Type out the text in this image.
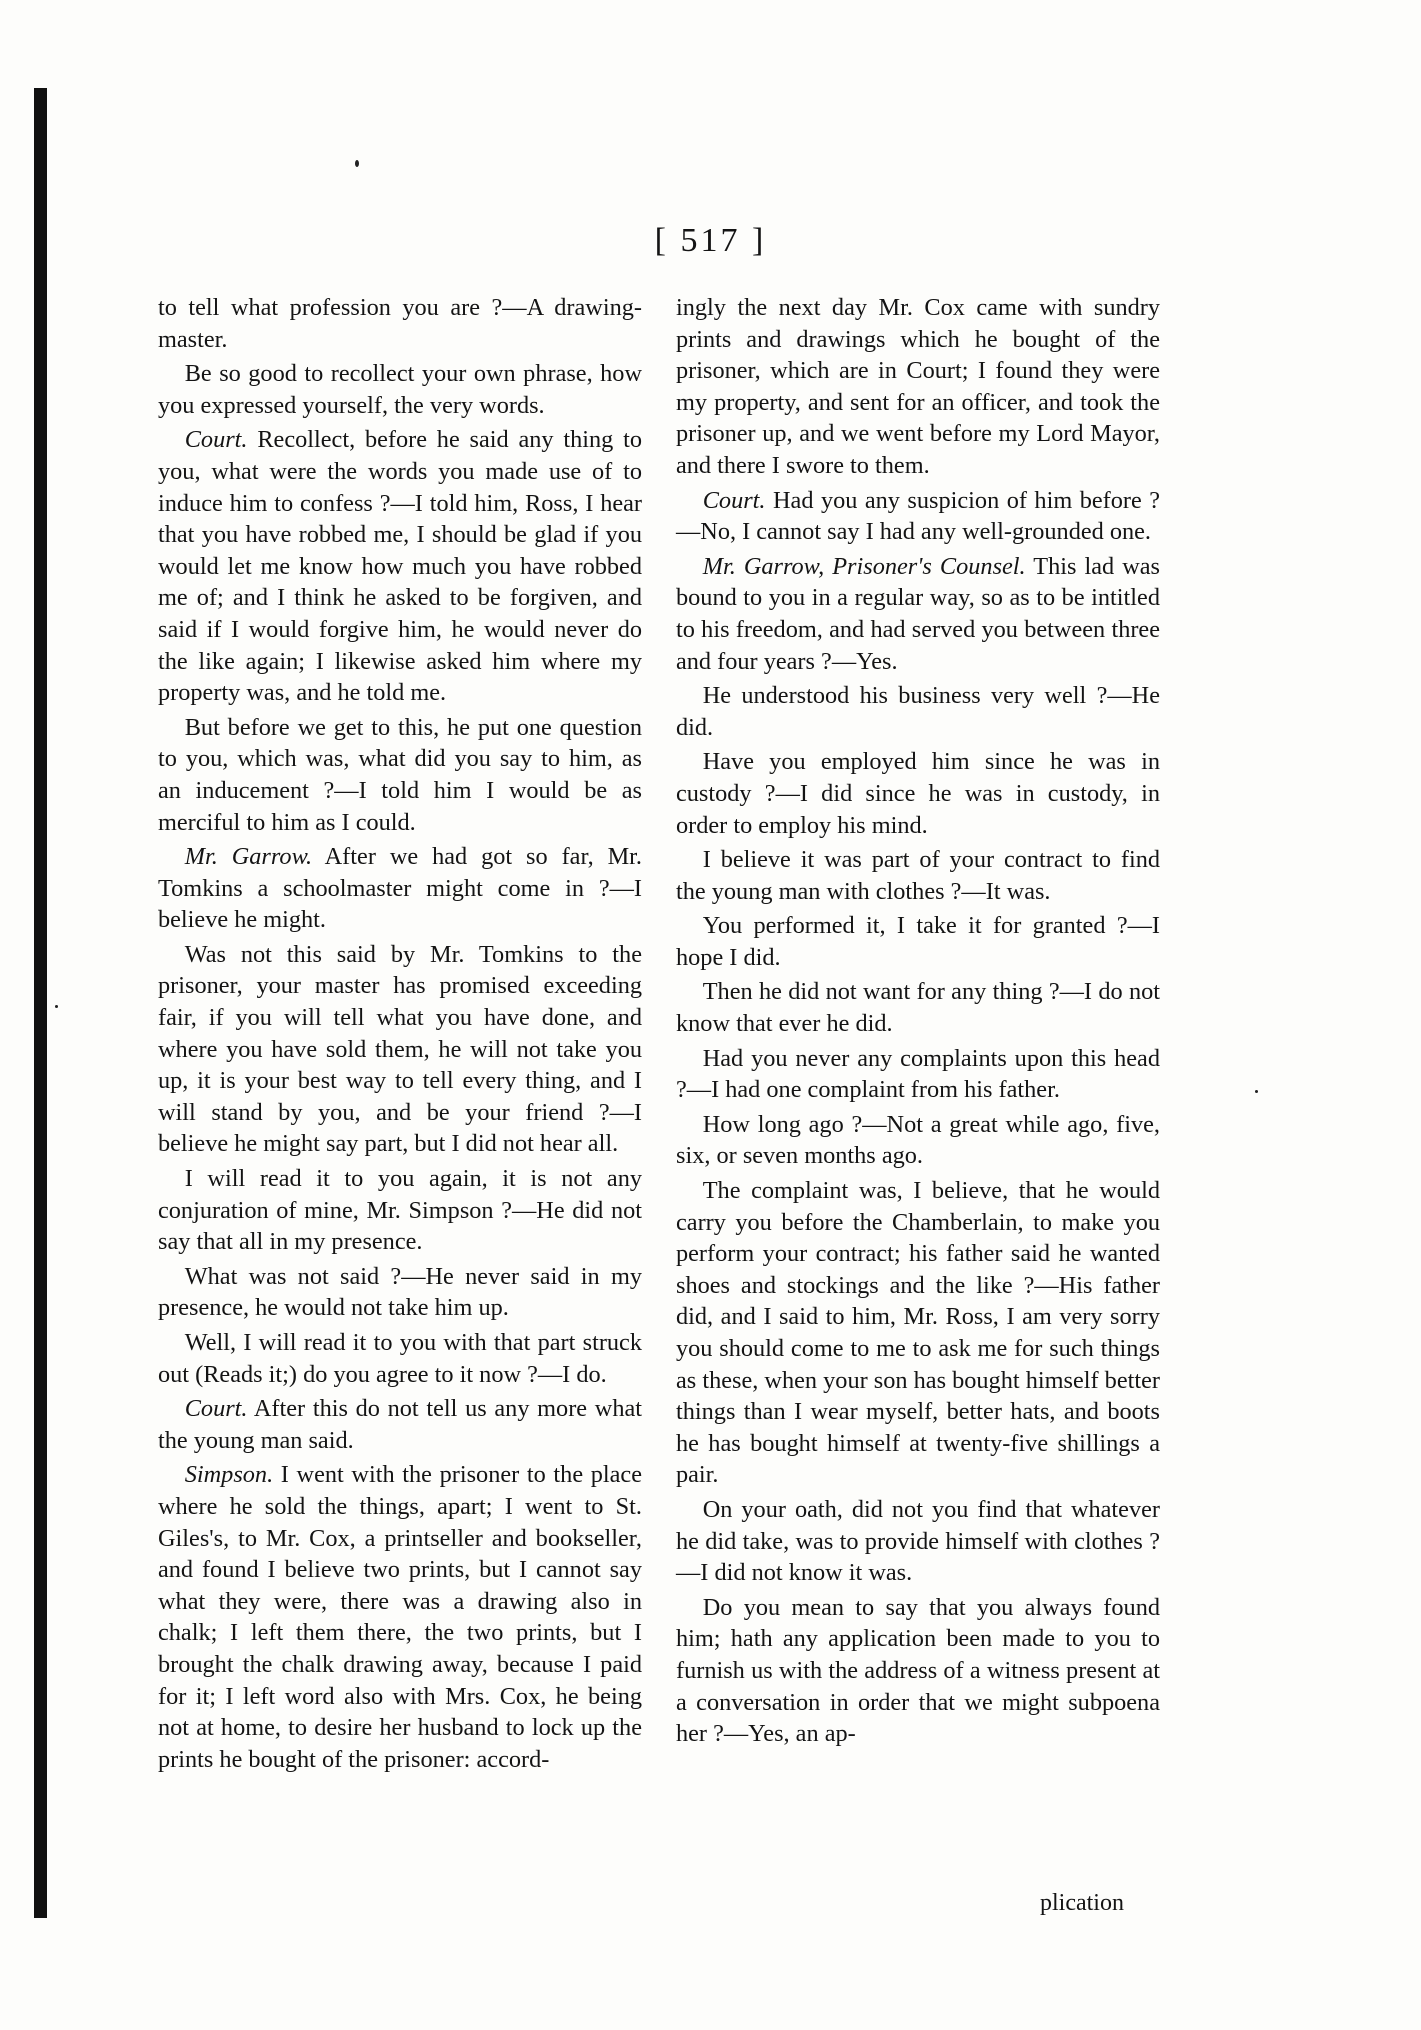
[ 517 ]

to tell what profession you are ?—A drawing-master.

Be so good to recollect your own phrase, how you expressed yourself, the very words.

Court. Recollect, before he said any thing to you, what were the words you made use of to induce him to confess ?—I told him, Ross, I hear that you have robbed me, I should be glad if you would let me know how much you have robbed me of; and I think he asked to be forgiven, and said if I would forgive him, he would never do the like again; I likewise asked him where my property was, and he told me.

But before we get to this, he put one question to you, which was, what did you say to him, as an inducement ?—I told him I would be as merciful to him as I could.

Mr. Garrow. After we had got so far, Mr. Tomkins a schoolmaster might come in ?—I believe he might.

Was not this said by Mr. Tomkins to the prisoner, your master has promised exceeding fair, if you will tell what you have done, and where you have sold them, he will not take you up, it is your best way to tell every thing, and I will stand by you, and be your friend ?—I believe he might say part, but I did not hear all.

I will read it to you again, it is not any conjuration of mine, Mr. Simpson ?—He did not say that all in my presence.

What was not said ?—He never said in my presence, he would not take him up.

Well, I will read it to you with that part struck out (Reads it;) do you agree to it now ?—I do.

Court. After this do not tell us any more what the young man said.

Simpson. I went with the prisoner to the place where he sold the things, apart; I went to St. Giles's, to Mr. Cox, a printseller and bookseller, and found I believe two prints, but I cannot say what they were, there was a drawing also in chalk; I left them there, the two prints, but I brought the chalk drawing away, because I paid for it; I left word also with Mrs. Cox, he being not at home, to desire her husband to lock up the prints he bought of the prisoner: accord-

ingly the next day Mr. Cox came with sundry prints and drawings which he bought of the prisoner, which are in Court; I found they were my property, and sent for an officer, and took the prisoner up, and we went before my Lord Mayor, and there I swore to them.

Court. Had you any suspicion of him before ?—No, I cannot say I had any well-grounded one.

Mr. Garrow, Prisoner's Counsel. This lad was bound to you in a regular way, so as to be intitled to his freedom, and had served you between three and four years ?—Yes.

He understood his business very well ?—He did.

Have you employed him since he was in custody ?—I did since he was in custody, in order to employ his mind.

I believe it was part of your contract to find the young man with clothes ?—It was.

You performed it, I take it for granted ?—I hope I did.

Then he did not want for any thing ?—I do not know that ever he did.

Had you never any complaints upon this head ?—I had one complaint from his father.

How long ago ?—Not a great while ago, five, six, or seven months ago.

The complaint was, I believe, that he would carry you before the Chamberlain, to make you perform your contract; his father said he wanted shoes and stockings and the like ?—His father did, and I said to him, Mr. Ross, I am very sorry you should come to me to ask me for such things as these, when your son has bought himself better things than I wear myself, better hats, and boots he has bought himself at twenty-five shillings a pair.

On your oath, did not you find that whatever he did take, was to provide himself with clothes ?—I did not know it was.

Do you mean to say that you always found him; hath any application been made to you to furnish us with the address of a witness present at a conversation in order that we might subpoena her ?—Yes, an ap-

plication
